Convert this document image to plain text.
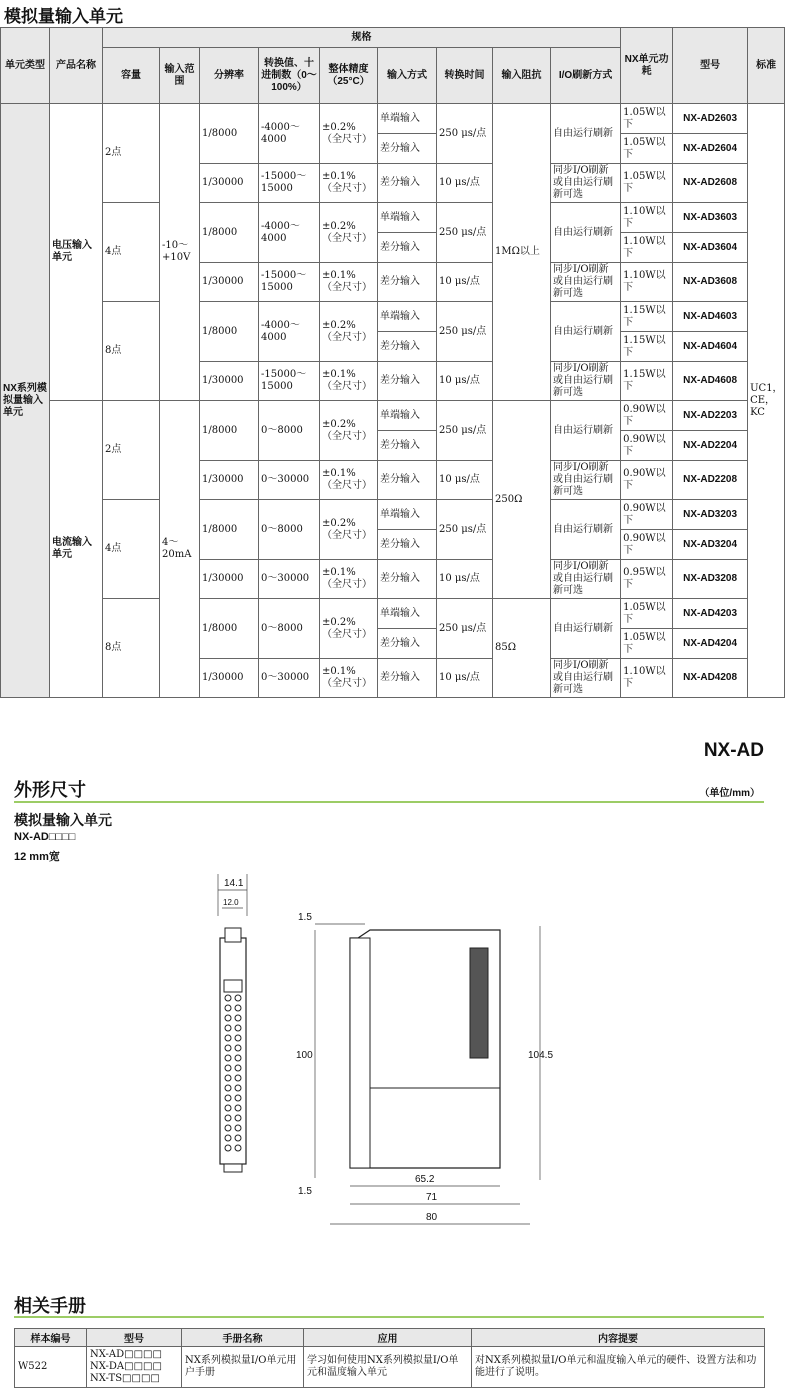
模拟量输入单元
单元类型	产品名称	规格									NX单元功耗	型号	标准
		容量	输入范围	分辨率	转换值、十进制数（0～100%）	整体精度（25°C）	输入方式	转换时间	输入阻抗	I/O刷新方式			
NX系列模拟量输入单元	电压输入单元	2点	-10～+10V	1/8000	-4000～4000	±0.2%（全尺寸）	单端输入	250 μs/点	1MΩ以上	自由运行刷新	1.05W以下	NX-AD2603	UC1，CE，KC
							差分输入				1.05W以下	NX-AD2604	
				1/30000	-15000～15000	±0.1%（全尺寸）	差分输入	10 μs/点		同步I/O刷新或自由运行刷新可选	1.05W以下	NX-AD2608	
		4点		1/8000	-4000～4000	±0.2%（全尺寸）	单端输入	250 μs/点		自由运行刷新	1.10W以下	NX-AD3603	
							差分输入				1.10W以下	NX-AD3604	
				1/30000	-15000～15000	±0.1%（全尺寸）	差分输入	10 μs/点		同步I/O刷新或自由运行刷新可选	1.10W以下	NX-AD3608	
		8点		1/8000	-4000～4000	±0.2%（全尺寸）	单端输入	250 μs/点		自由运行刷新	1.15W以下	NX-AD4603	
							差分输入				1.15W以下	NX-AD4604	
				1/30000	-15000～15000	±0.1%（全尺寸）	差分输入	10 μs/点		同步I/O刷新或自由运行刷新可选	1.15W以下	NX-AD4608	
	电流输入单元	2点	4～20mA	1/8000	0～8000	±0.2%（全尺寸）	单端输入	250 μs/点	250Ω	自由运行刷新	0.90W以下	NX-AD2203	
							差分输入				0.90W以下	NX-AD2204	
				1/30000	0～30000	±0.1%（全尺寸）	差分输入	10 μs/点		同步I/O刷新或自由运行刷新可选	0.90W以下	NX-AD2208	
		4点		1/8000	0～8000	±0.2%（全尺寸）	单端输入	250 μs/点		自由运行刷新	0.90W以下	NX-AD3203	
							差分输入				0.90W以下	NX-AD3204	
				1/30000	0～30000	±0.1%（全尺寸）	差分输入	10 μs/点		同步I/O刷新或自由运行刷新可选	0.95W以下	NX-AD3208	
		8点		1/8000	0～8000	±0.2%（全尺寸）	单端输入	250 μs/点	85Ω	自由运行刷新	1.05W以下	NX-AD4203	
							差分输入				1.05W以下	NX-AD4204	
				1/30000	0～30000	±0.1%（全尺寸）	差分输入	10 μs/点		同步I/O刷新或自由运行刷新可选	1.10W以下	NX-AD4208	
NX-AD
外形尺寸	（单位/mm）
模拟量输入单元
NX-AD□□□□
12 mm宽
14.1
12.0
1.5
100
1.5
104.5
65.2
71
80
相关手册
样本编号	型号	手册名称	应用	内容提要
W522	NX-AD□□□□
NX-DA□□□□
NX-TS□□□□	NX系列模拟量I/O单元用户手册	学习如何使用NX系列模拟量I/O单元和温度输入单元	对NX系列模拟量I/O单元和温度输入单元的硬件、设置方法和功能进行了说明。
